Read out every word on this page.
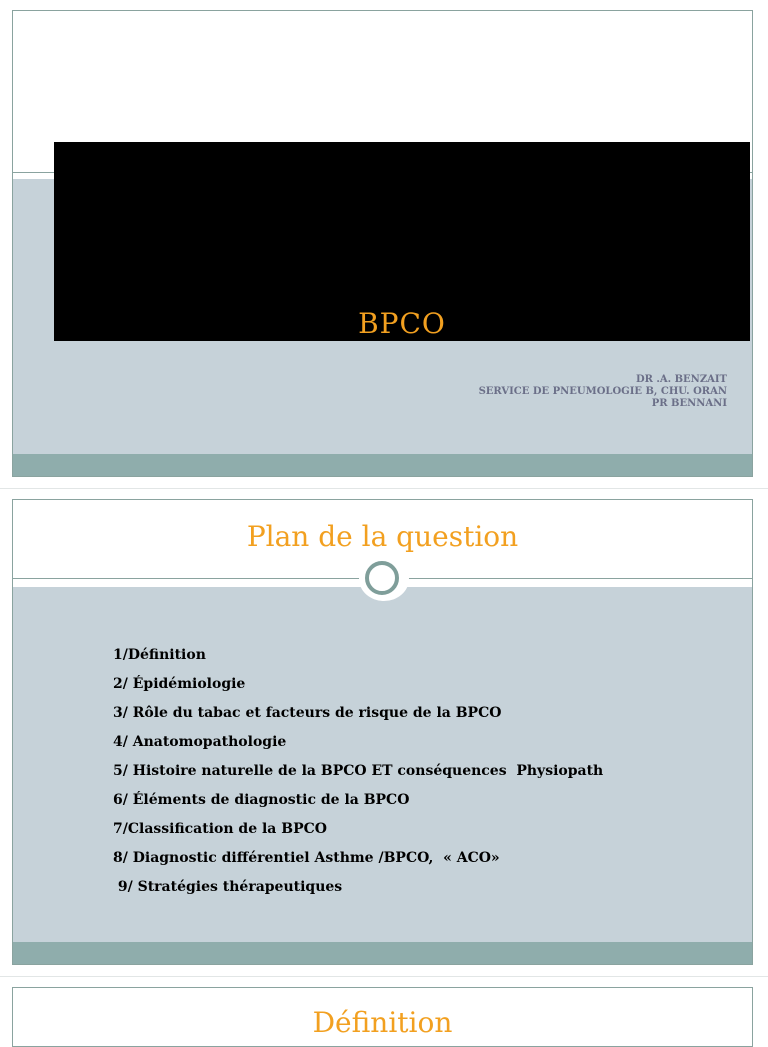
BPCO
DR .A. BENZAIT
SERVICE DE PNEUMOLOGIE B, CHU. ORAN
PR BENNANI
Plan de la question
1/Définition
2/ Épidémiologie
3/ Rôle du tabac et facteurs de risque de la BPCO
4/ Anatomopathologie
5/ Histoire naturelle de la BPCO ET conséquences  Physiopath
6/ Éléments de diagnostic de la BPCO
7/Classification de la BPCO
8/ Diagnostic différentiel Asthme /BPCO,  « ACO»
9/ Stratégies thérapeutiques
Définition
